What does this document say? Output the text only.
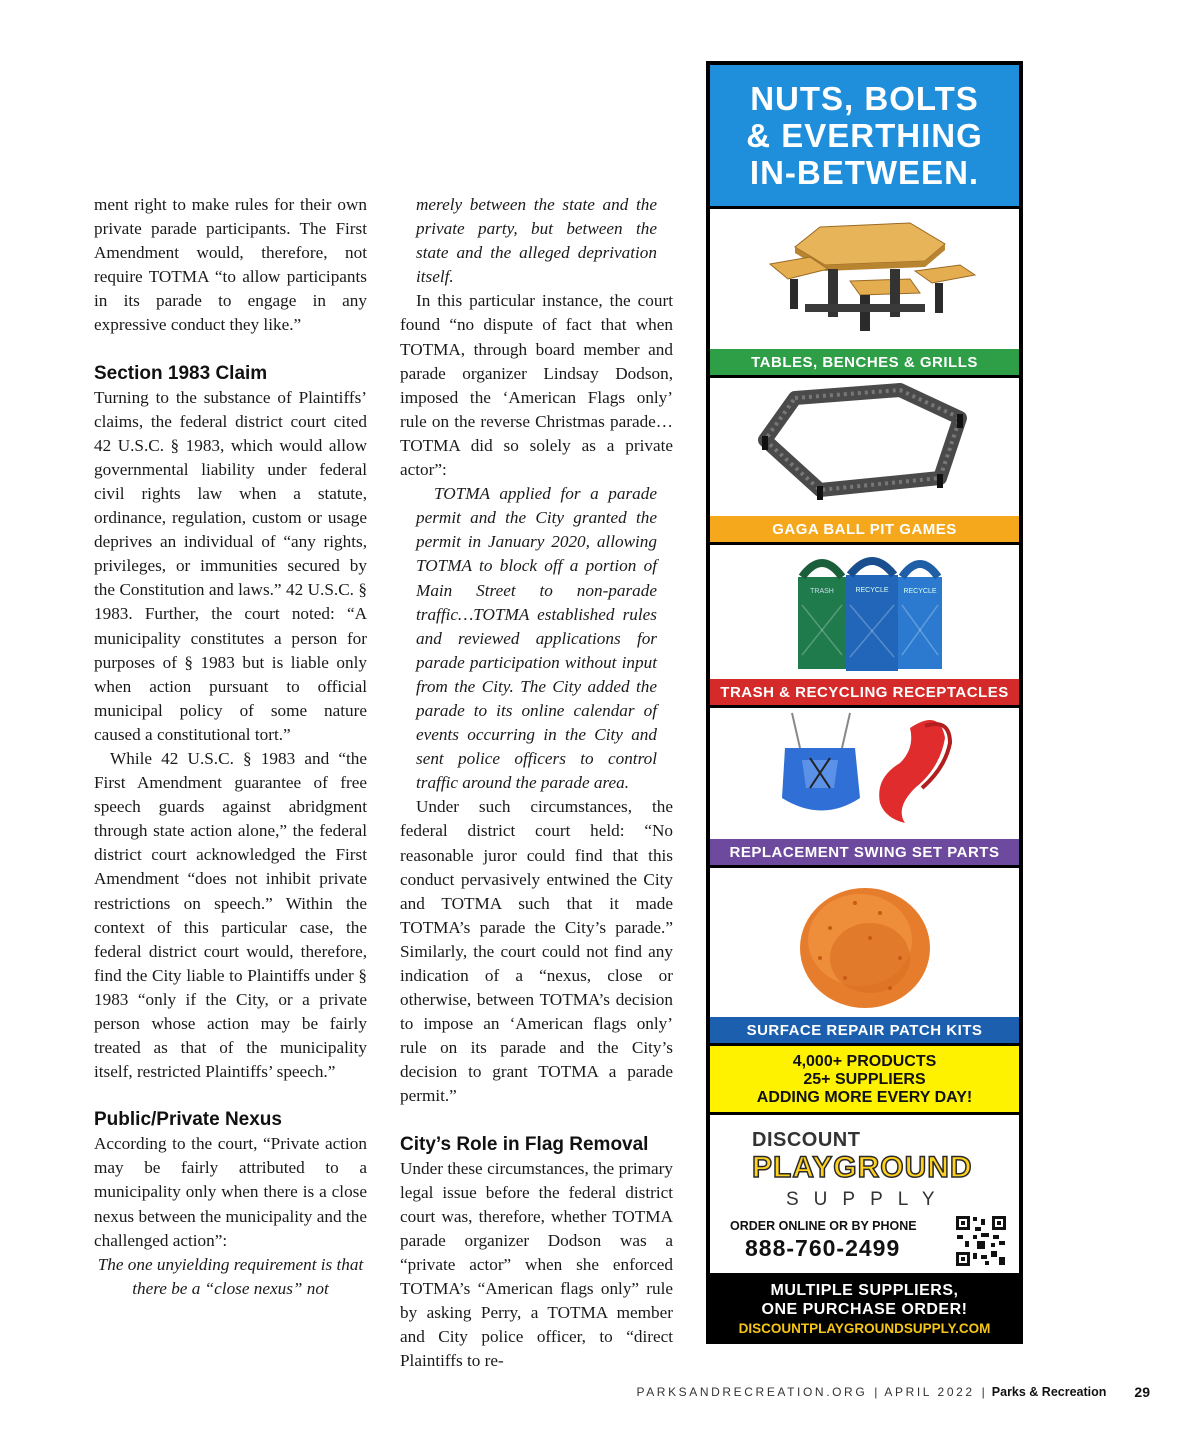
ment right to make rules for their own private parade participants. The First Amendment would, therefore, not require TOTMA “to allow participants in its parade to engage in any expressive conduct they like.”

Section 1983 Claim

Turning to the substance of Plaintiffs’ claims, the federal district court cited 42 U.S.C. § 1983, which would allow governmental liability under federal civil rights law when a statute, ordinance, regulation, custom or usage deprives an individual of “any rights, privileges, or immunities secured by the Constitution and laws.” 42 U.S.C. § 1983. Further, the court noted: “A municipality constitutes a person for purposes of § 1983 but is liable only when action pursuant to official municipal policy of some nature caused a constitutional tort.”

While 42 U.S.C. § 1983 and “the First Amendment guarantee of free speech guards against abridgment through state action alone,” the federal district court acknowledged the First Amendment “does not inhibit private restrictions on speech.” Within the context of this particular case, the federal district court would, therefore, find the City liable to Plaintiffs under § 1983 “only if the City, or a private person whose action may be fairly treated as that of the municipality itself, restricted Plaintiffs’ speech.”

Public/Private Nexus

According to the court, “Private action may be fairly attributed to a municipality only when there is a close nexus between the municipality and the challenged action”:

The one unyielding requirement is that there be a “close nexus” not

merely between the state and the private party, but between the state and the alleged deprivation itself.

In this particular instance, the court found “no dispute of fact that when TOTMA, through board member and parade organizer Lindsay Dodson, imposed the ‘American Flags only’ rule on the reverse Christmas parade…TOTMA did so solely as a private actor”:

TOTMA applied for a parade permit and the City granted the permit in January 2020, allowing TOTMA to block off a portion of Main Street to non-parade traffic…TOTMA established rules and reviewed applications for parade participation without input from the City. The City added the parade to its online calendar of events occurring in the City and sent police officers to control traffic around the parade area.

Under such circumstances, the federal district court held: “No reasonable juror could find that this conduct pervasively entwined the City and TOTMA such that it made TOTMA’s parade the City’s parade.” Similarly, the court could not find any indication of a “nexus, close or otherwise, between TOTMA’s decision to impose an ‘American flags only’ rule on its parade and the City’s decision to grant TOTMA a parade permit.”

City’s Role in Flag Removal

Under these circumstances, the primary legal issue before the federal district court was, therefore, whether TOTMA parade organizer Dodson was a “private actor” when she enforced TOTMA’s “American flags only” rule by asking Perry, a TOTMA member and City police officer, to “direct Plaintiffs to re-

NUTS, BOLTS
& EVERTHING
IN-BETWEEN.
TABLES, BENCHES & GRILLS
GAGA BALL PIT GAMES
TRASH	RECYCLE RECYCLE
TRASH & RECYCLING RECEPTACLES
REPLACEMENT SWING SET PARTS
SURFACE REPAIR PATCH KITS
4,000+ PRODUCTS
25+ SUPPLIERS
ADDING MORE EVERY DAY!
DISCOUNT
PLAYGROUND
SUPPLY
ORDER ONLINE OR BY PHONE
888-760-2499
MULTIPLE SUPPLIERS,
ONE PURCHASE ORDER!
DISCOUNTPLAYGROUNDSUPPLY.COM
PARKSANDRECREATION.ORG | APRIL 2022 | Parks & Recreation 29
